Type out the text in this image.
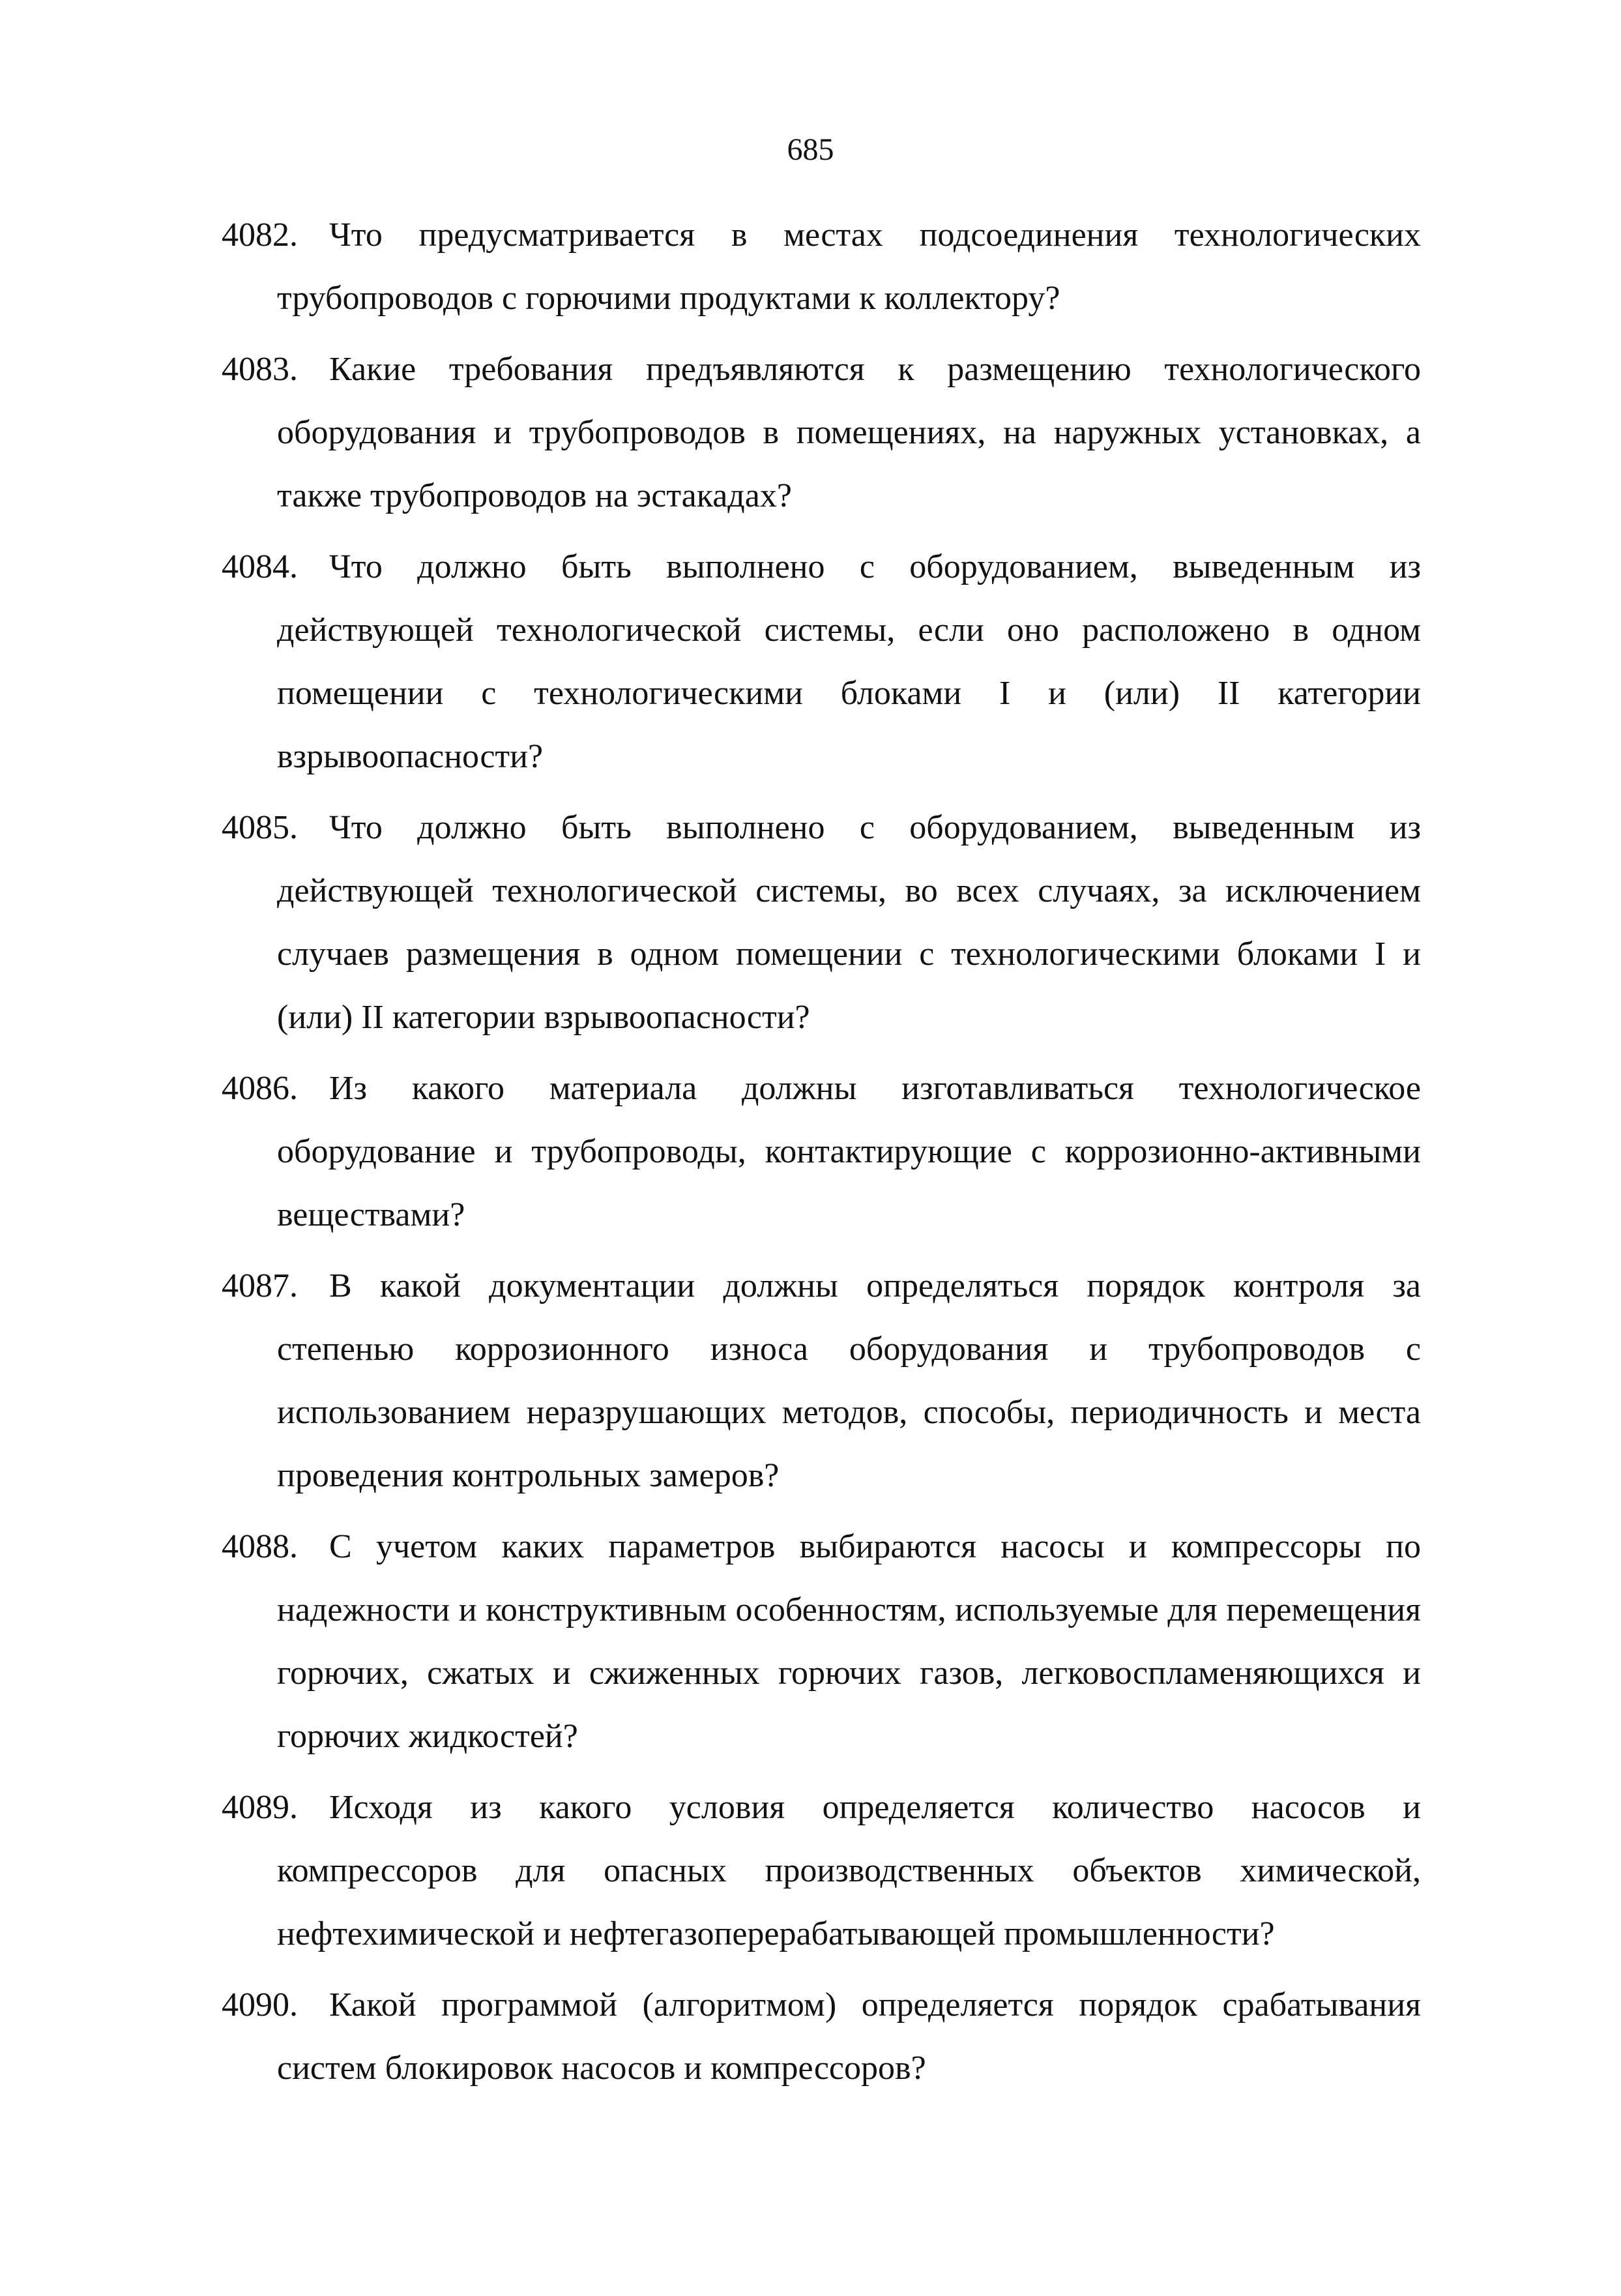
685
4082. Что предусматривается в местах подсоединения технологических трубопроводов с горючими продуктами к коллектору?
4083. Какие требования предъявляются к размещению технологического оборудования и трубопроводов в помещениях, на наружных установках, а также трубопроводов на эстакадах?
4084. Что должно быть выполнено с оборудованием, выведенным из действующей технологической системы, если оно расположено в одном помещении с технологическими блоками I и (или) II категории взрывоопасности?
4085. Что должно быть выполнено с оборудованием, выведенным из действующей технологической системы, во всех случаях, за исключением случаев размещения в одном помещении с технологическими блоками I и (или) II категории взрывоопасности?
4086. Из какого материала должны изготавливаться технологическое оборудование и трубопроводы, контактирующие с коррозионно-активными веществами?
4087. В какой документации должны определяться порядок контроля за степенью коррозионного износа оборудования и трубопроводов с использованием неразрушающих методов, способы, периодичность и места проведения контрольных замеров?
4088. С учетом каких параметров выбираются насосы и компрессоры по надежности и конструктивным особенностям, используемые для перемещения горючих, сжатых и сжиженных горючих газов, легковоспламеняющихся и горючих жидкостей?
4089. Исходя из какого условия определяется количество насосов и компрессоров для опасных производственных объектов химической, нефтехимической и нефтегазоперерабатывающей промышленности?
4090. Какой программой (алгоритмом) определяется порядок срабатывания систем блокировок насосов и компрессоров?
